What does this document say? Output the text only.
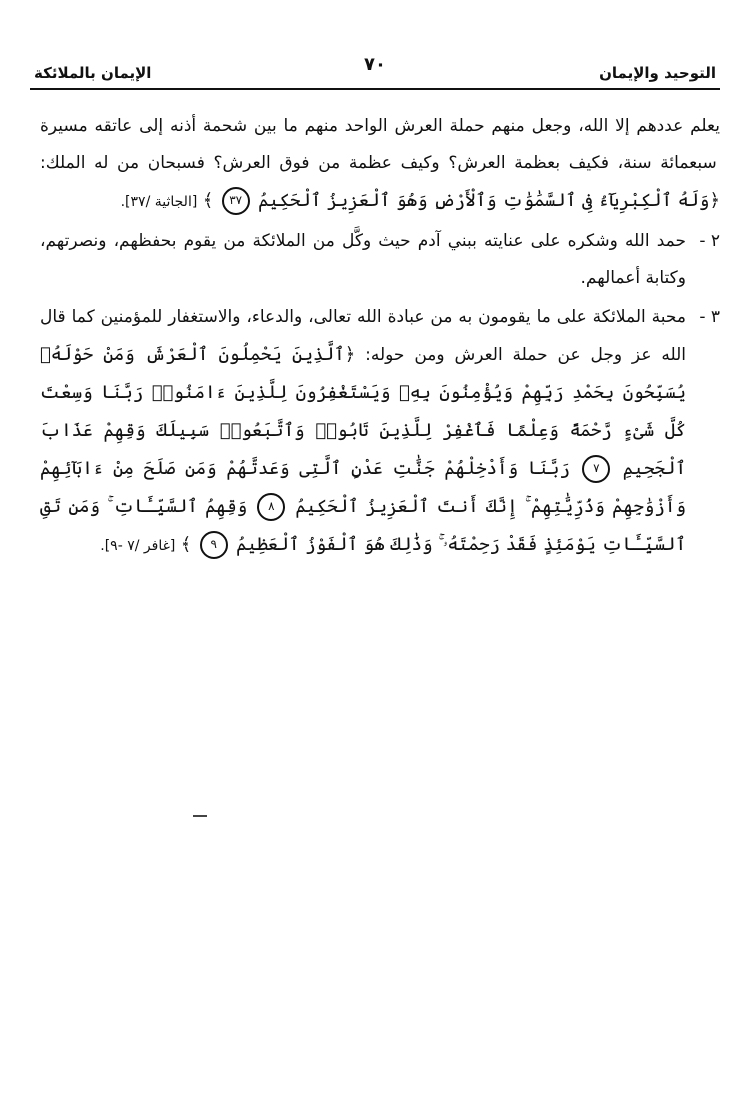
التوحيد والإيمان
٧٠
الإيمان بالملائكة

يعلم عددهم إلا الله، وجعل منهم حملة العرش الواحد منهم ما بين شحمة أذنه إلى عاتقه مسيرة سبعمائة سنة، فكيف بعظمة العرش؟ وكيف عظمة من فوق العرش؟ فسبحان من له الملك: ﴿وَلَهُ ٱلْكِبْرِيَآءُ فِى ٱلسَّمَٰوَٰتِ وَٱلْأَرْضِ وَهُوَ ٱلْعَزِيزُ ٱلْحَكِيمُ ٣٧ ﴾ [الجاثية /٣٧].

٢ -
حمد الله وشكره على عنايته ببني آدم حيث وكَّل من الملائكة من يقوم بحفظهم، ونصرتهم، وكتابة أعمالهم.
٣ -
محبة الملائكة على ما يقومون به من عبادة الله تعالى، والدعاء، والاستغفار للمؤمنين كما قال الله عز وجل عن حملة العرش ومن حوله: ﴿ٱلَّذِينَ يَحْمِلُونَ ٱلْعَرْشَ وَمَنْ حَوْلَهُۥ يُسَبِّحُونَ بِحَمْدِ رَبِّهِمْ وَيُؤْمِنُونَ بِهِۦ وَيَسْتَغْفِرُونَ لِلَّذِينَ ءَامَنُوا۟ رَبَّنَا وَسِعْتَ كُلَّ شَىْءٍ رَّحْمَةً وَعِلْمًا فَٱغْفِرْ لِلَّذِينَ تَابُوا۟ وَٱتَّبَعُوا۟ سَبِيلَكَ وَقِهِمْ عَذَابَ ٱلْجَحِيمِ ٧ رَبَّنَا وَأَدْخِلْهُمْ جَنَّٰتِ عَدْنٍ ٱلَّتِى وَعَدتَّهُمْ وَمَن صَلَحَ مِنْ ءَابَآئِهِمْ وَأَزْوَٰجِهِمْ وَذُرِّيَّٰتِهِمْ ۚ إِنَّكَ أَنتَ ٱلْعَزِيزُ ٱلْحَكِيمُ ٨ وَقِهِمُ ٱلسَّيِّـَٔاتِ ۚ وَمَن تَقِ ٱلسَّيِّـَٔاتِ يَوْمَئِذٍ فَقَدْ رَحِمْتَهُۥ ۚ وَذَٰلِكَ هُوَ ٱلْفَوْزُ ٱلْعَظِيمُ ٩ ﴾ [غافر /٧ -٩].
